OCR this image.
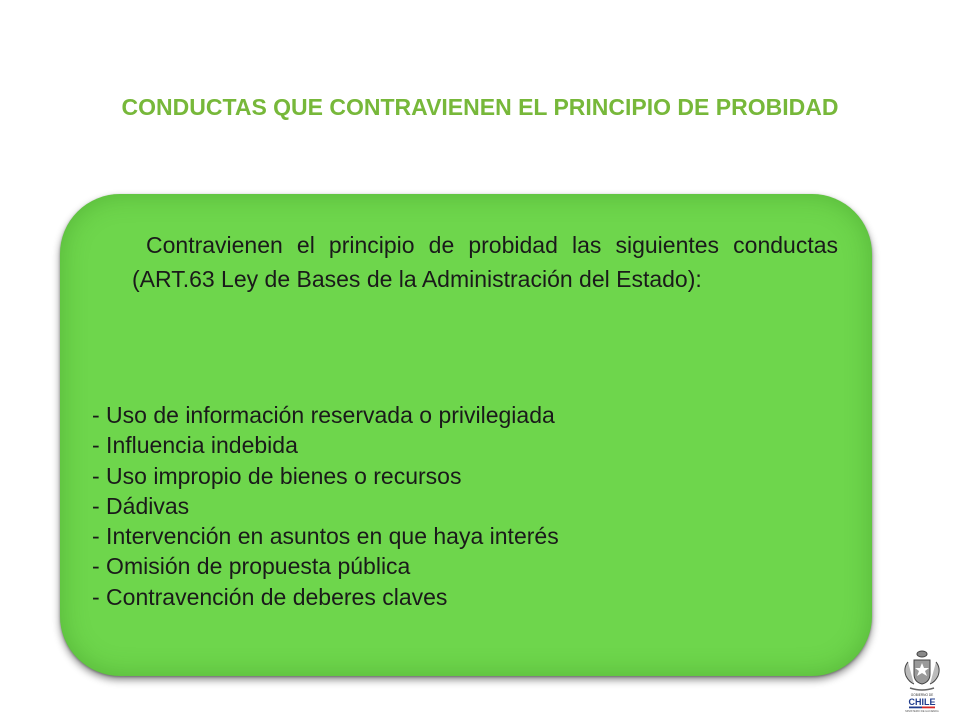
CONDUCTAS QUE CONTRAVIENEN EL PRINCIPIO DE PROBIDAD

Contravienen el principio de probidad las siguientes conductas (ART.63 Ley de Bases de la Administración del Estado):

- Uso de información reservada o privilegiada
- Influencia indebida
- Uso impropio de bienes o recursos
- Dádivas
- Intervención en asuntos en que haya interés
- Omisión de propuesta pública
- Contravención de deberes claves
GOBIERNO DE
CHILE
MINISTERIO DE HACIENDA
